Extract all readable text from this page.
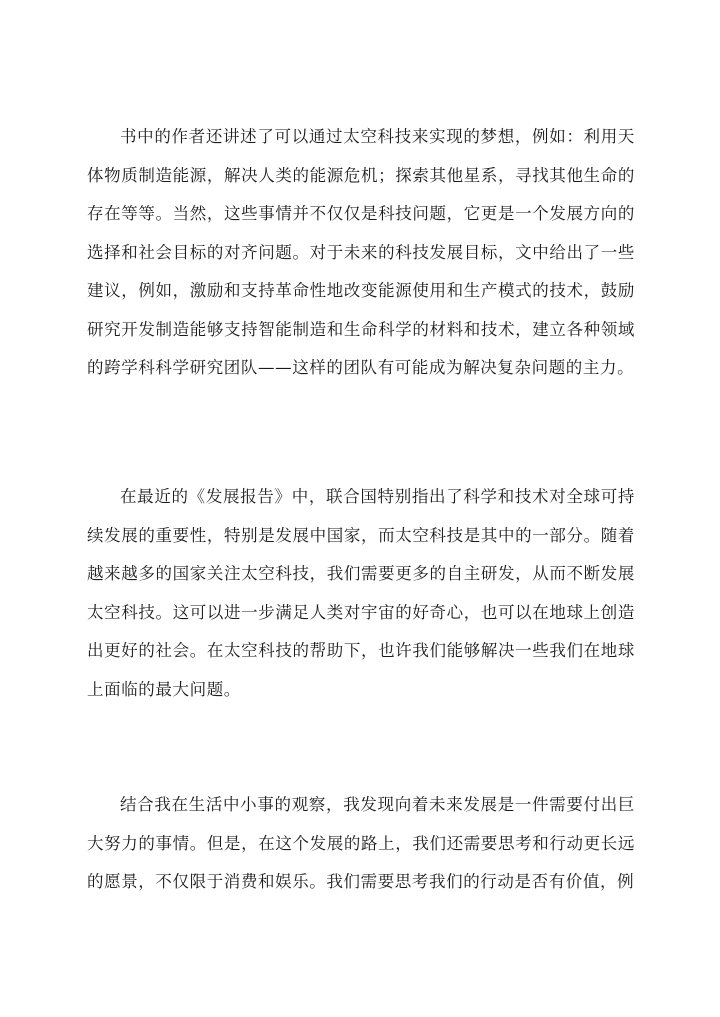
书中的作者还讲述了可以通过太空科技来实现的梦想，例如：利用天体物质制造能源，解决人类的能源危机；探索其他星系，寻找其他生命的存在等等。当然，这些事情并不仅仅是科技问题，它更是一个发展方向的选择和社会目标的对齐问题。对于未来的科技发展目标，文中给出了一些建议，例如，激励和支持革命性地改变能源使用和生产模式的技术，鼓励研究开发制造能够支持智能制造和生命科学的材料和技术，建立各种领域的跨学科科学研究团队——这样的团队有可能成为解决复杂问题的主力。

在最近的《发展报告》中，联合国特别指出了科学和技术对全球可持续发展的重要性，特别是发展中国家，而太空科技是其中的一部分。随着越来越多的国家关注太空科技，我们需要更多的自主研发，从而不断发展太空科技。这可以进一步满足人类对宇宙的好奇心，也可以在地球上创造出更好的社会。在太空科技的帮助下，也许我们能够解决一些我们在地球上面临的最大问题。

结合我在生活中小事的观察，我发现向着未来发展是一件需要付出巨大努力的事情。但是，在这个发展的路上，我们还需要思考和行动更长远的愿景，不仅限于消费和娱乐。我们需要思考我们的行动是否有价值，例
